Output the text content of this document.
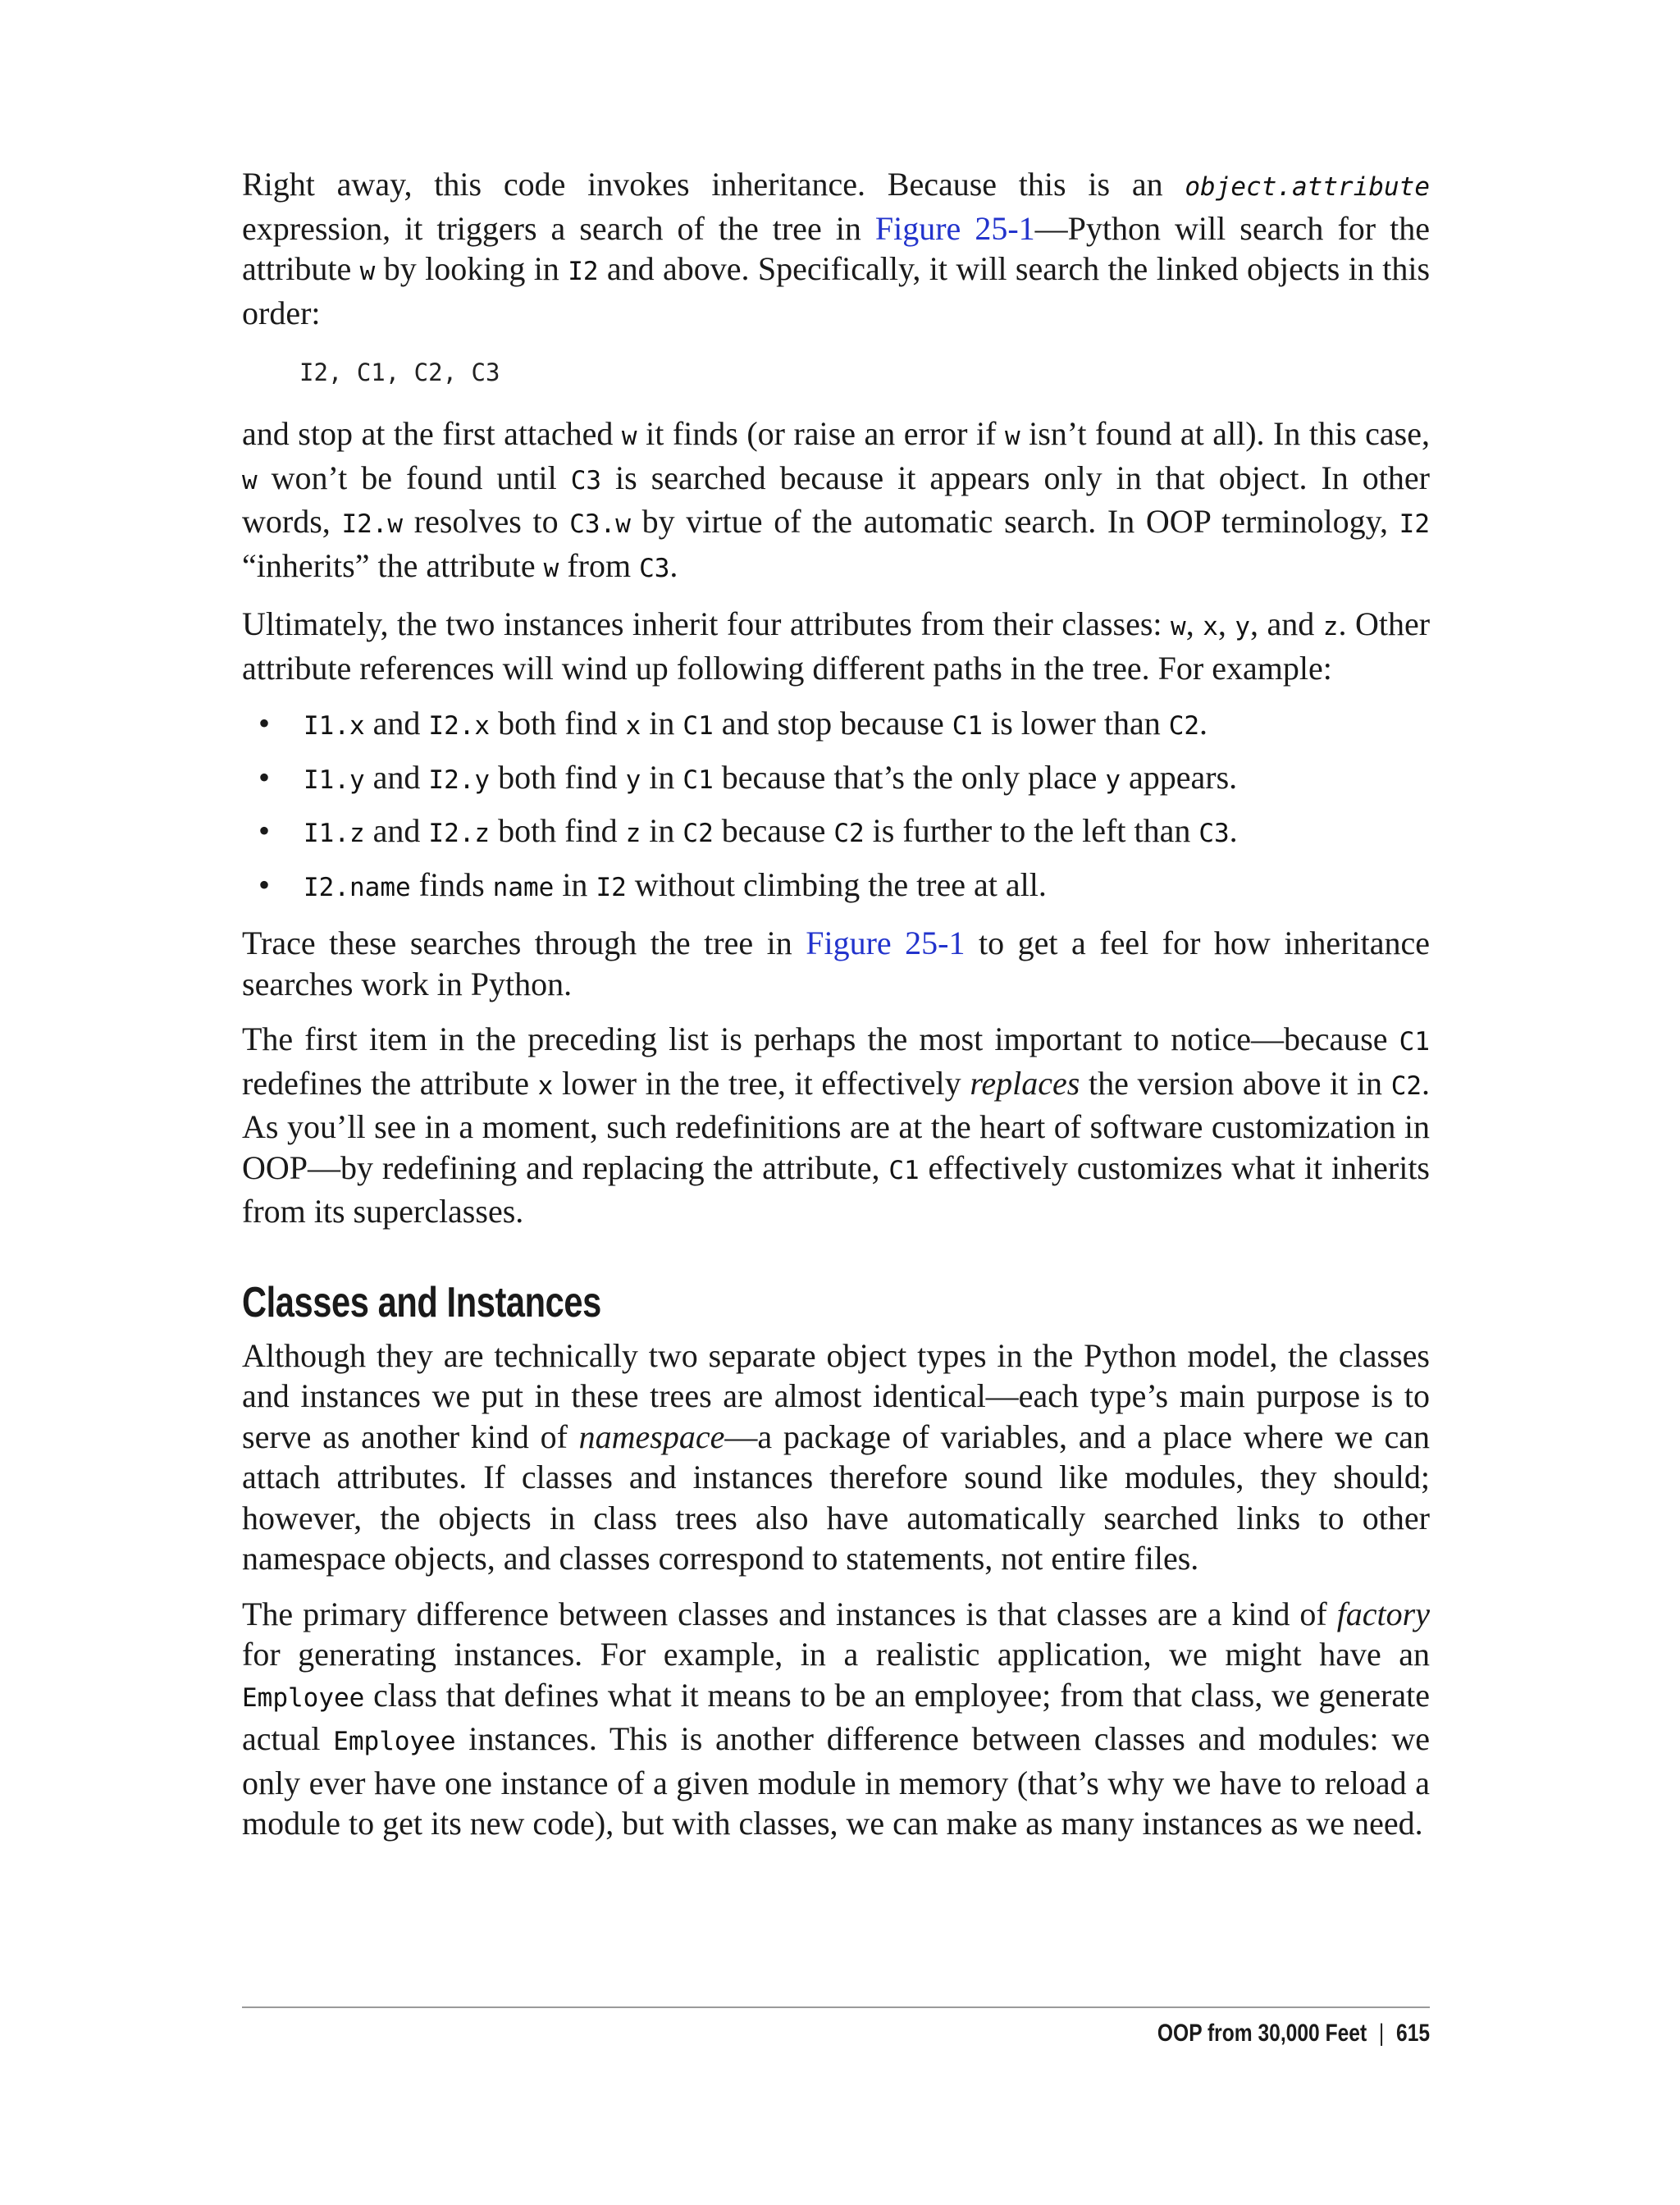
Right away, this code invokes inheritance. Because this is an object.attribute expression, it triggers a search of the tree in Figure 25-1—Python will search for the attribute w by looking in I2 and above. Specifically, it will search the linked objects in this order:

I2, C1, C2, C3

and stop at the first attached w it finds (or raise an error if w isn’t found at all). In this case, w won’t be found until C3 is searched because it appears only in that object. In other words, I2.w resolves to C3.w by virtue of the automatic search. In OOP terminology, I2 “inherits” the attribute w from C3.

Ultimately, the two instances inherit four attributes from their classes: w, x, y, and z. Other attribute references will wind up following different paths in the tree. For example:

• I1.x and I2.x both find x in C1 and stop because C1 is lower than C2.
• I1.y and I2.y both find y in C1 because that’s the only place y appears.
• I1.z and I2.z both find z in C2 because C2 is further to the left than C3.
• I2.name finds name in I2 without climbing the tree at all.

Trace these searches through the tree in Figure 25-1 to get a feel for how inheritance searches work in Python.

The first item in the preceding list is perhaps the most important to notice—because C1 redefines the attribute x lower in the tree, it effectively replaces the version above it in C2. As you’ll see in a moment, such redefinitions are at the heart of software customization in OOP—by redefining and replacing the attribute, C1 effectively customizes what it inherits from its superclasses.

Classes and Instances

Although they are technically two separate object types in the Python model, the classes and instances we put in these trees are almost identical—each type’s main purpose is to serve as another kind of namespace—a package of variables, and a place where we can attach attributes. If classes and instances therefore sound like modules, they should; however, the objects in class trees also have automatically searched links to other namespace objects, and classes correspond to statements, not entire files.

The primary difference between classes and instances is that classes are a kind of factory for generating instances. For example, in a realistic application, we might have an Employee class that defines what it means to be an employee; from that class, we generate actual Employee instances. This is another difference between classes and modules: we only ever have one instance of a given module in memory (that’s why we have to reload a module to get its new code), but with classes, we can make as many instances as we need.

OOP from 30,000 Feet | 615
